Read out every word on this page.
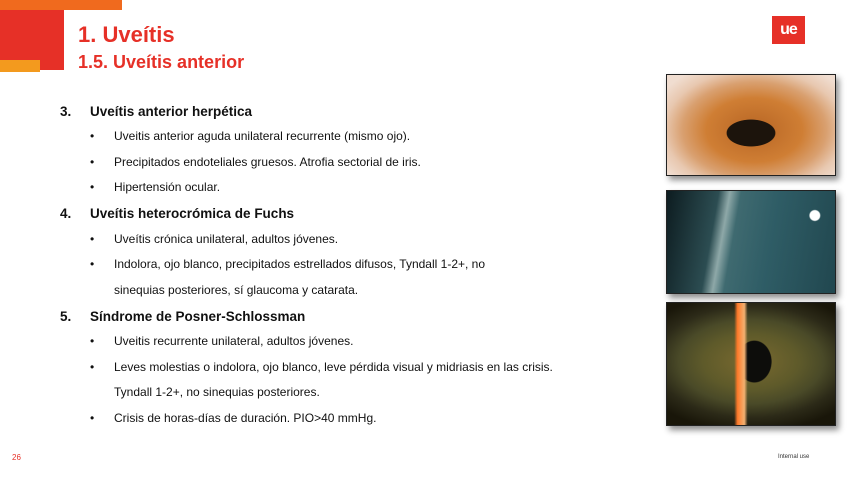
1. Uveítis
1.5. Uveítis anterior
ue
3.	Uveítis anterior herpética
• Uveitis anterior aguda unilateral recurrente (mismo ojo).
• Precipitados endoteliales gruesos. Atrofia sectorial de iris.
• Hipertensión ocular.
4.	Uveítis heterocrómica de Fuchs
• Uveítis crónica unilateral, adultos jóvenes.
• Indolora, ojo blanco, precipitados estrellados difusos, Tyndall 1-2+, no
sinequias posteriores, sí glaucoma y catarata.
5.	Síndrome de Posner-Schlossman
• Uveitis recurrente unilateral, adultos jóvenes.
• Leves molestias o indolora, ojo blanco, leve pérdida visual y midriasis en las crisis.
Tyndall 1-2+, no sinequias posteriores.
• Crisis de horas-días de duración. PIO>40 mmHg.
26	Internal use
